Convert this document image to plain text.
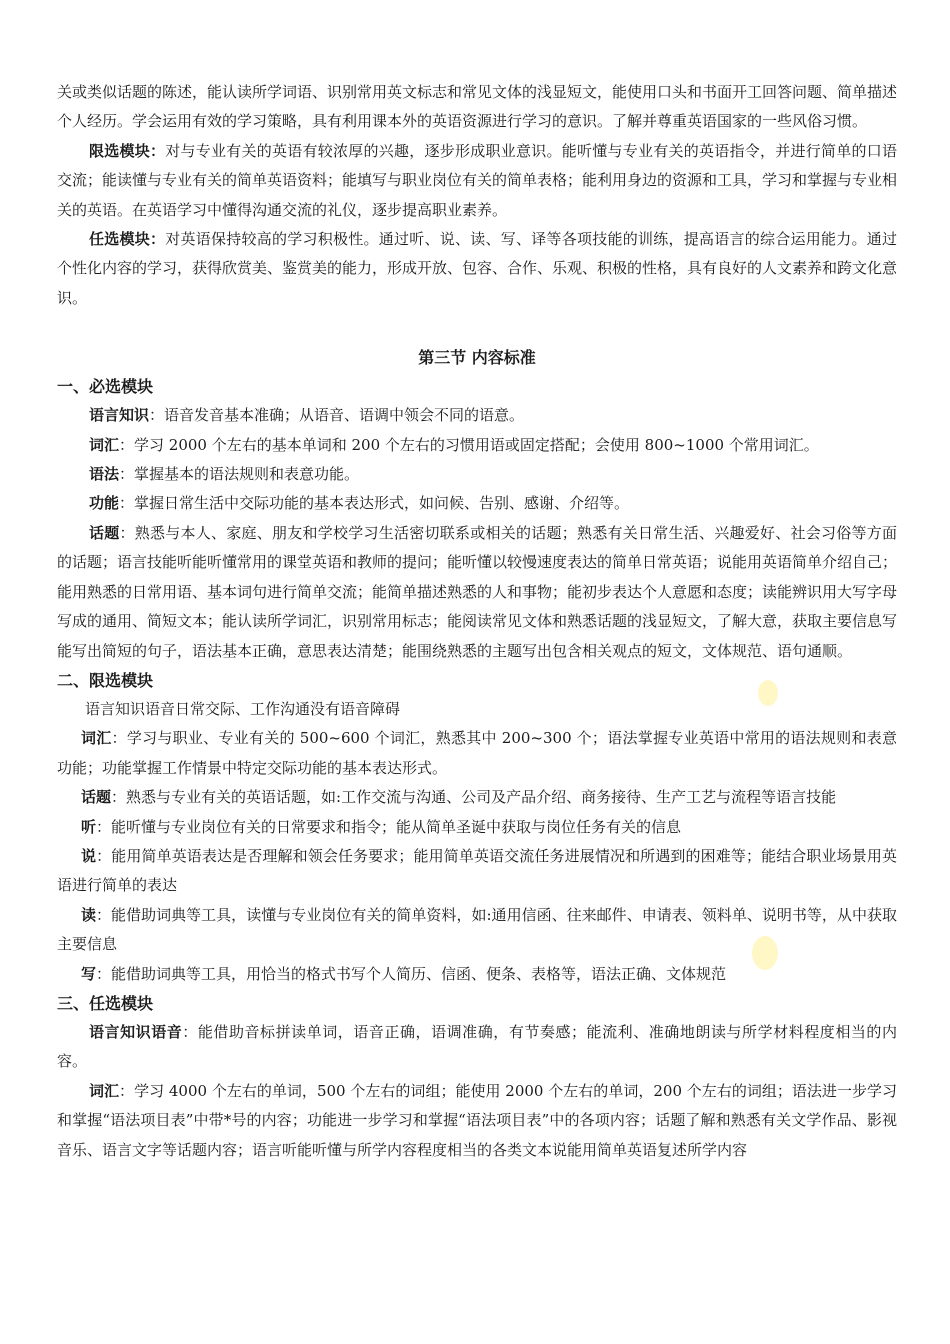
关或类似话题的陈述，能认读所学词语、识别常用英文标志和常见文体的浅显短文，能使用口头和书面开工回答问题、简单描述个人经历。学会运用有效的学习策略，具有利用课本外的英语资源进行学习的意识。了解并尊重英语国家的一些风俗习惯。

限选模块：对与专业有关的英语有较浓厚的兴趣，逐步形成职业意识。能听懂与专业有关的英语指令，并进行简单的口语交流；能读懂与专业有关的简单英语资料；能填写与职业岗位有关的简单表格；能利用身边的资源和工具，学习和掌握与专业相关的英语。在英语学习中懂得沟通交流的礼仪，逐步提高职业素养。

任选模块：对英语保持较高的学习积极性。通过听、说、读、写、译等各项技能的训练，提高语言的综合运用能力。通过个性化内容的学习，获得欣赏美、鉴赏美的能力，形成开放、包容、合作、乐观、积极的性格，具有良好的人文素养和跨文化意识。

第三节 内容标准
一、必选模块

语言知识：语音发音基本准确；从语音、语调中领会不同的语意。

词汇：学习 2000 个左右的基本单词和 200 个左右的习惯用语或固定搭配；会使用 800~1000 个常用词汇。

语法：掌握基本的语法规则和表意功能。

功能：掌握日常生活中交际功能的基本表达形式，如问候、告别、感谢、介绍等。

话题：熟悉与本人、家庭、朋友和学校学习生活密切联系或相关的话题；熟悉有关日常生活、兴趣爱好、社会习俗等方面的话题；语言技能听能听懂常用的课堂英语和教师的提问；能听懂以较慢速度表达的简单日常英语；说能用英语简单介绍自己；能用熟悉的日常用语、基本词句进行简单交流；能简单描述熟悉的人和事物；能初步表达个人意愿和态度；读能辨识用大写字母写成的通用、简短文本；能认读所学词汇，识别常用标志；能阅读常见文体和熟悉话题的浅显短文，了解大意，获取主要信息写能写出简短的句子，语法基本正确，意思表达清楚；能围绕熟悉的主题写出包含相关观点的短文，文体规范、语句通顺。

二、限选模块

语言知识语音日常交际、工作沟通没有语音障碍

词汇：学习与职业、专业有关的 500~600 个词汇，熟悉其中 200~300 个；语法掌握专业英语中常用的语法规则和表意功能；功能掌握工作情景中特定交际功能的基本表达形式。

话题：熟悉与专业有关的英语话题，如:工作交流与沟通、公司及产品介绍、商务接待、生产工艺与流程等语言技能

听：能听懂与专业岗位有关的日常要求和指令；能从简单圣诞中获取与岗位任务有关的信息

说：能用简单英语表达是否理解和领会任务要求；能用简单英语交流任务进展情况和所遇到的困难等；能结合职业场景用英语进行简单的表达

读：能借助词典等工具，读懂与专业岗位有关的简单资料，如:通用信函、往来邮件、申请表、领料单、说明书等，从中获取主要信息

写：能借助词典等工具，用恰当的格式书写个人简历、信函、便条、表格等，语法正确、文体规范

三、任选模块

语言知识语音：能借助音标拼读单词，语音正确，语调准确，有节奏感；能流利、准确地朗读与所学材料程度相当的内容。

词汇：学习 4000 个左右的单词，500 个左右的词组；能使用 2000 个左右的单词，200 个左右的词组；语法进一步学习和掌握“语法项目表”中带*号的内容；功能进一步学习和掌握“语法项目表”中的各项内容；话题了解和熟悉有关文学作品、影视音乐、语言文字等话题内容；语言听能听懂与所学内容程度相当的各类文本说能用简单英语复述所学内容
